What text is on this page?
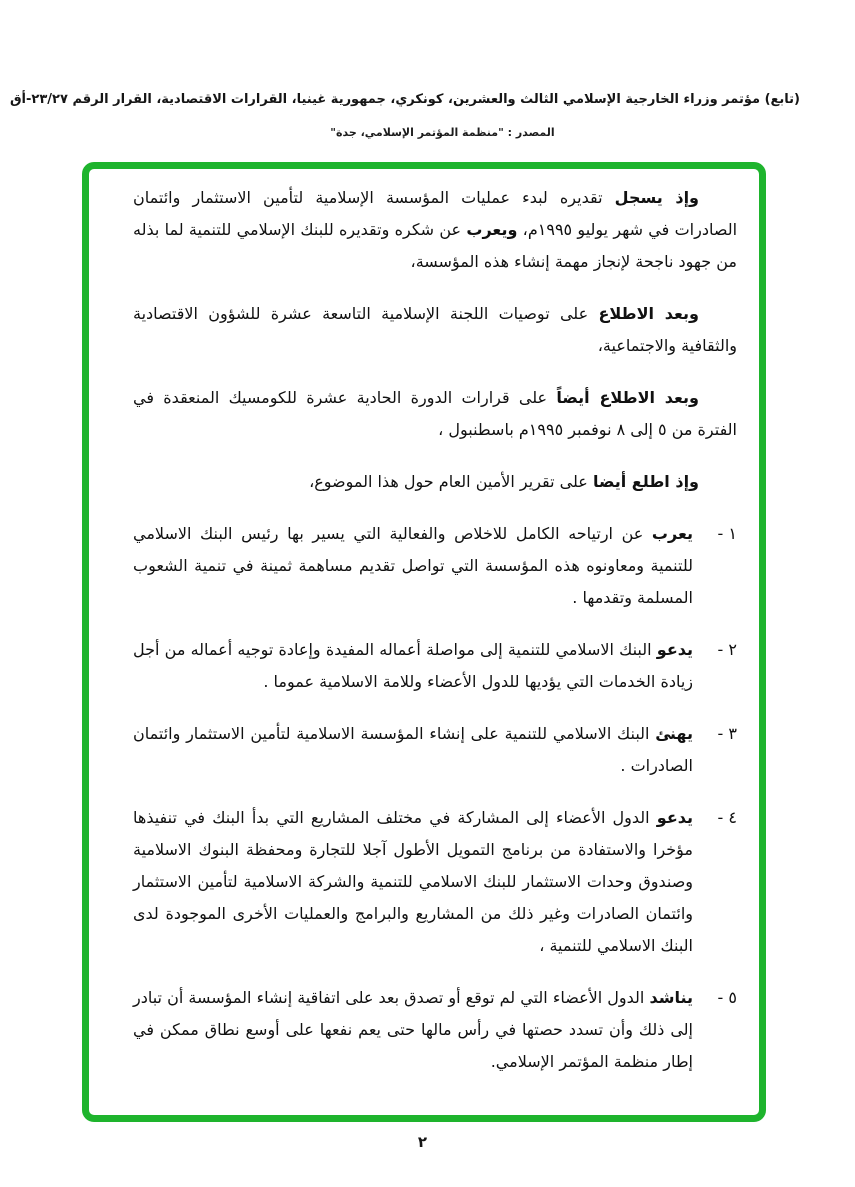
(تابع) مؤتمر وزراء الخارجية الإسلامي الثالث والعشرين، كونكري، جمهورية غينيا، القرارات الاقتصادية، القرار الرقم ٢٣/٢٧-أق
المصدر : "منظمة المؤتمر الإسلامي، جدة"

وإذ يسجل تقديره لبدء عمليات المؤسسة الإسلامية لتأمين الاستثمار وائتمان الصادرات في شهر يوليو ١٩٩٥م، ويعرب عن شكره وتقديره للبنك الإسلامي للتنمية لما بذله من جهود ناجحة لإنجاز مهمة إنشاء هذه المؤسسة،

وبعد الاطلاع على توصيات اللجنة الإسلامية التاسعة عشرة للشؤون الاقتصادية والثقافية والاجتماعية،

وبعد الاطلاع أيضاً على قرارات الدورة الحادية عشرة للكومسيك المنعقدة في الفترة من ٥ إلى ٨ نوفمبر ١٩٩٥م باسطنبول ،

وإذ اطلع أيضا على تقرير الأمين العام حول هذا الموضوع،

١ -

يعرب عن ارتياحه الكامل للاخلاص والفعالية التي يسير بها رئيس البنك الاسلامي للتنمية ومعاونوه هذه المؤسسة التي تواصل تقديم مساهمة ثمينة في تنمية الشعوب المسلمة وتقدمها .

٢ -

يدعو البنك الاسلامي للتنمية إلى مواصلة أعماله المفيدة وإعادة توجيه أعماله من أجل زيادة الخدمات التي يؤديها للدول الأعضاء وللامة الاسلامية عموما .

٣ -

يهنئ البنك الاسلامي للتنمية على إنشاء المؤسسة الاسلامية لتأمين الاستثمار وائتمان الصادرات .

٤ -

يدعو الدول الأعضاء إلى المشاركة في مختلف المشاريع التي بدأ البنك في تنفيذها مؤخرا والاستفادة من برنامج التمويل الأطول آجلا للتجارة ومحفظة البنوك الاسلامية وصندوق وحدات الاستثمار للبنك الاسلامي للتنمية والشركة الاسلامية لتأمين الاستثمار وائتمان الصادرات وغير ذلك من المشاريع والبرامج والعمليات الأخرى الموجودة لدى البنك الاسلامي للتنمية ،

٥ -

يناشد الدول الأعضاء التي لم توقع أو تصدق بعد على اتفاقية إنشاء المؤسسة أن تبادر إلى ذلك وأن تسدد حصتها في رأس مالها حتى يعم نفعها على أوسع نطاق ممكن في إطار منظمة المؤتمر الإسلامي.

٢
